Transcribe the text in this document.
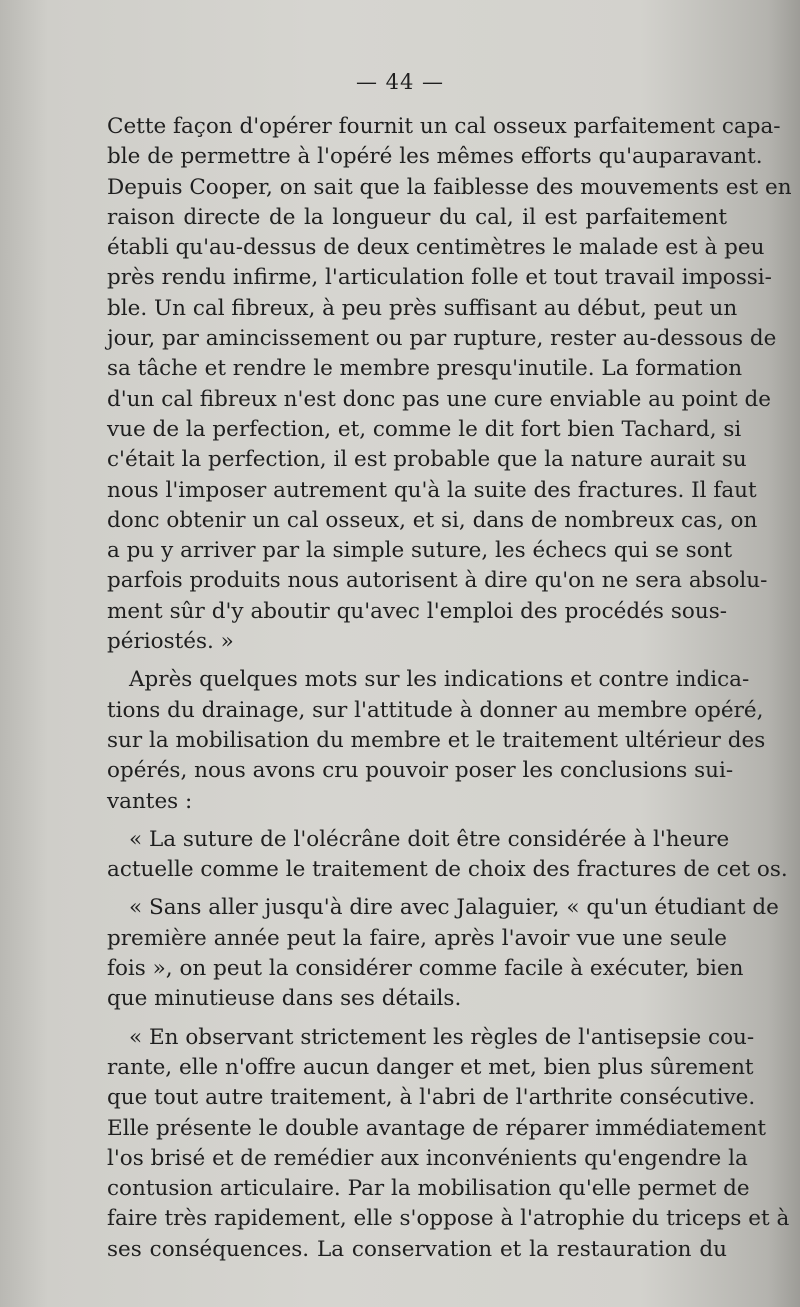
— 44 —
Cette façon d'opérer fournit un cal osseux parfaitement capa-
ble de permettre à l'opéré les mêmes efforts qu'auparavant.
Depuis Cooper, on sait que la faiblesse des mouvements est en
raison directe de la longueur du cal, il est parfaitement
établi qu'au-dessus de deux centimètres le malade est à peu
près rendu infirme, l'articulation folle et tout travail impossi-
ble. Un cal fibreux, à peu près suffisant au début, peut un
jour, par amincissement ou par rupture, rester au-dessous de
sa tâche et rendre le membre presqu'inutile. La formation
d'un cal fibreux n'est donc pas une cure enviable au point de
vue de la perfection, et, comme le dit fort bien Tachard, si
c'était la perfection, il est probable que la nature aurait su
nous l'imposer autrement qu'à la suite des fractures. Il faut
donc obtenir un cal osseux, et si, dans de nombreux cas, on
a pu y arriver par la simple suture, les échecs qui se sont
parfois produits nous autorisent à dire qu'on ne sera absolu-
ment sûr d'y aboutir qu'avec l'emploi des procédés sous-
périostés. »
Après quelques mots sur les indications et contre indica-
tions du drainage, sur l'attitude à donner au membre opéré,
sur la mobilisation du membre et le traitement ultérieur des
opérés, nous avons cru pouvoir poser les conclusions sui-
vantes :
« La suture de l'olécrâne doit être considérée à l'heure
actuelle comme le traitement de choix des fractures de cet os.
« Sans aller jusqu'à dire avec Jalaguier, « qu'un étudiant de
première année peut la faire, après l'avoir vue une seule
fois », on peut la considérer comme facile à exécuter, bien
que minutieuse dans ses détails.
« En observant strictement les règles de l'antisepsie cou-
rante, elle n'offre aucun danger et met, bien plus sûrement
que tout autre traitement, à l'abri de l'arthrite consécutive.
Elle présente le double avantage de réparer immédiatement
l'os brisé et de remédier aux inconvénients qu'engendre la
contusion articulaire. Par la mobilisation qu'elle permet de
faire très rapidement, elle s'oppose à l'atrophie du triceps et à
ses conséquences. La conservation et la restauration du
